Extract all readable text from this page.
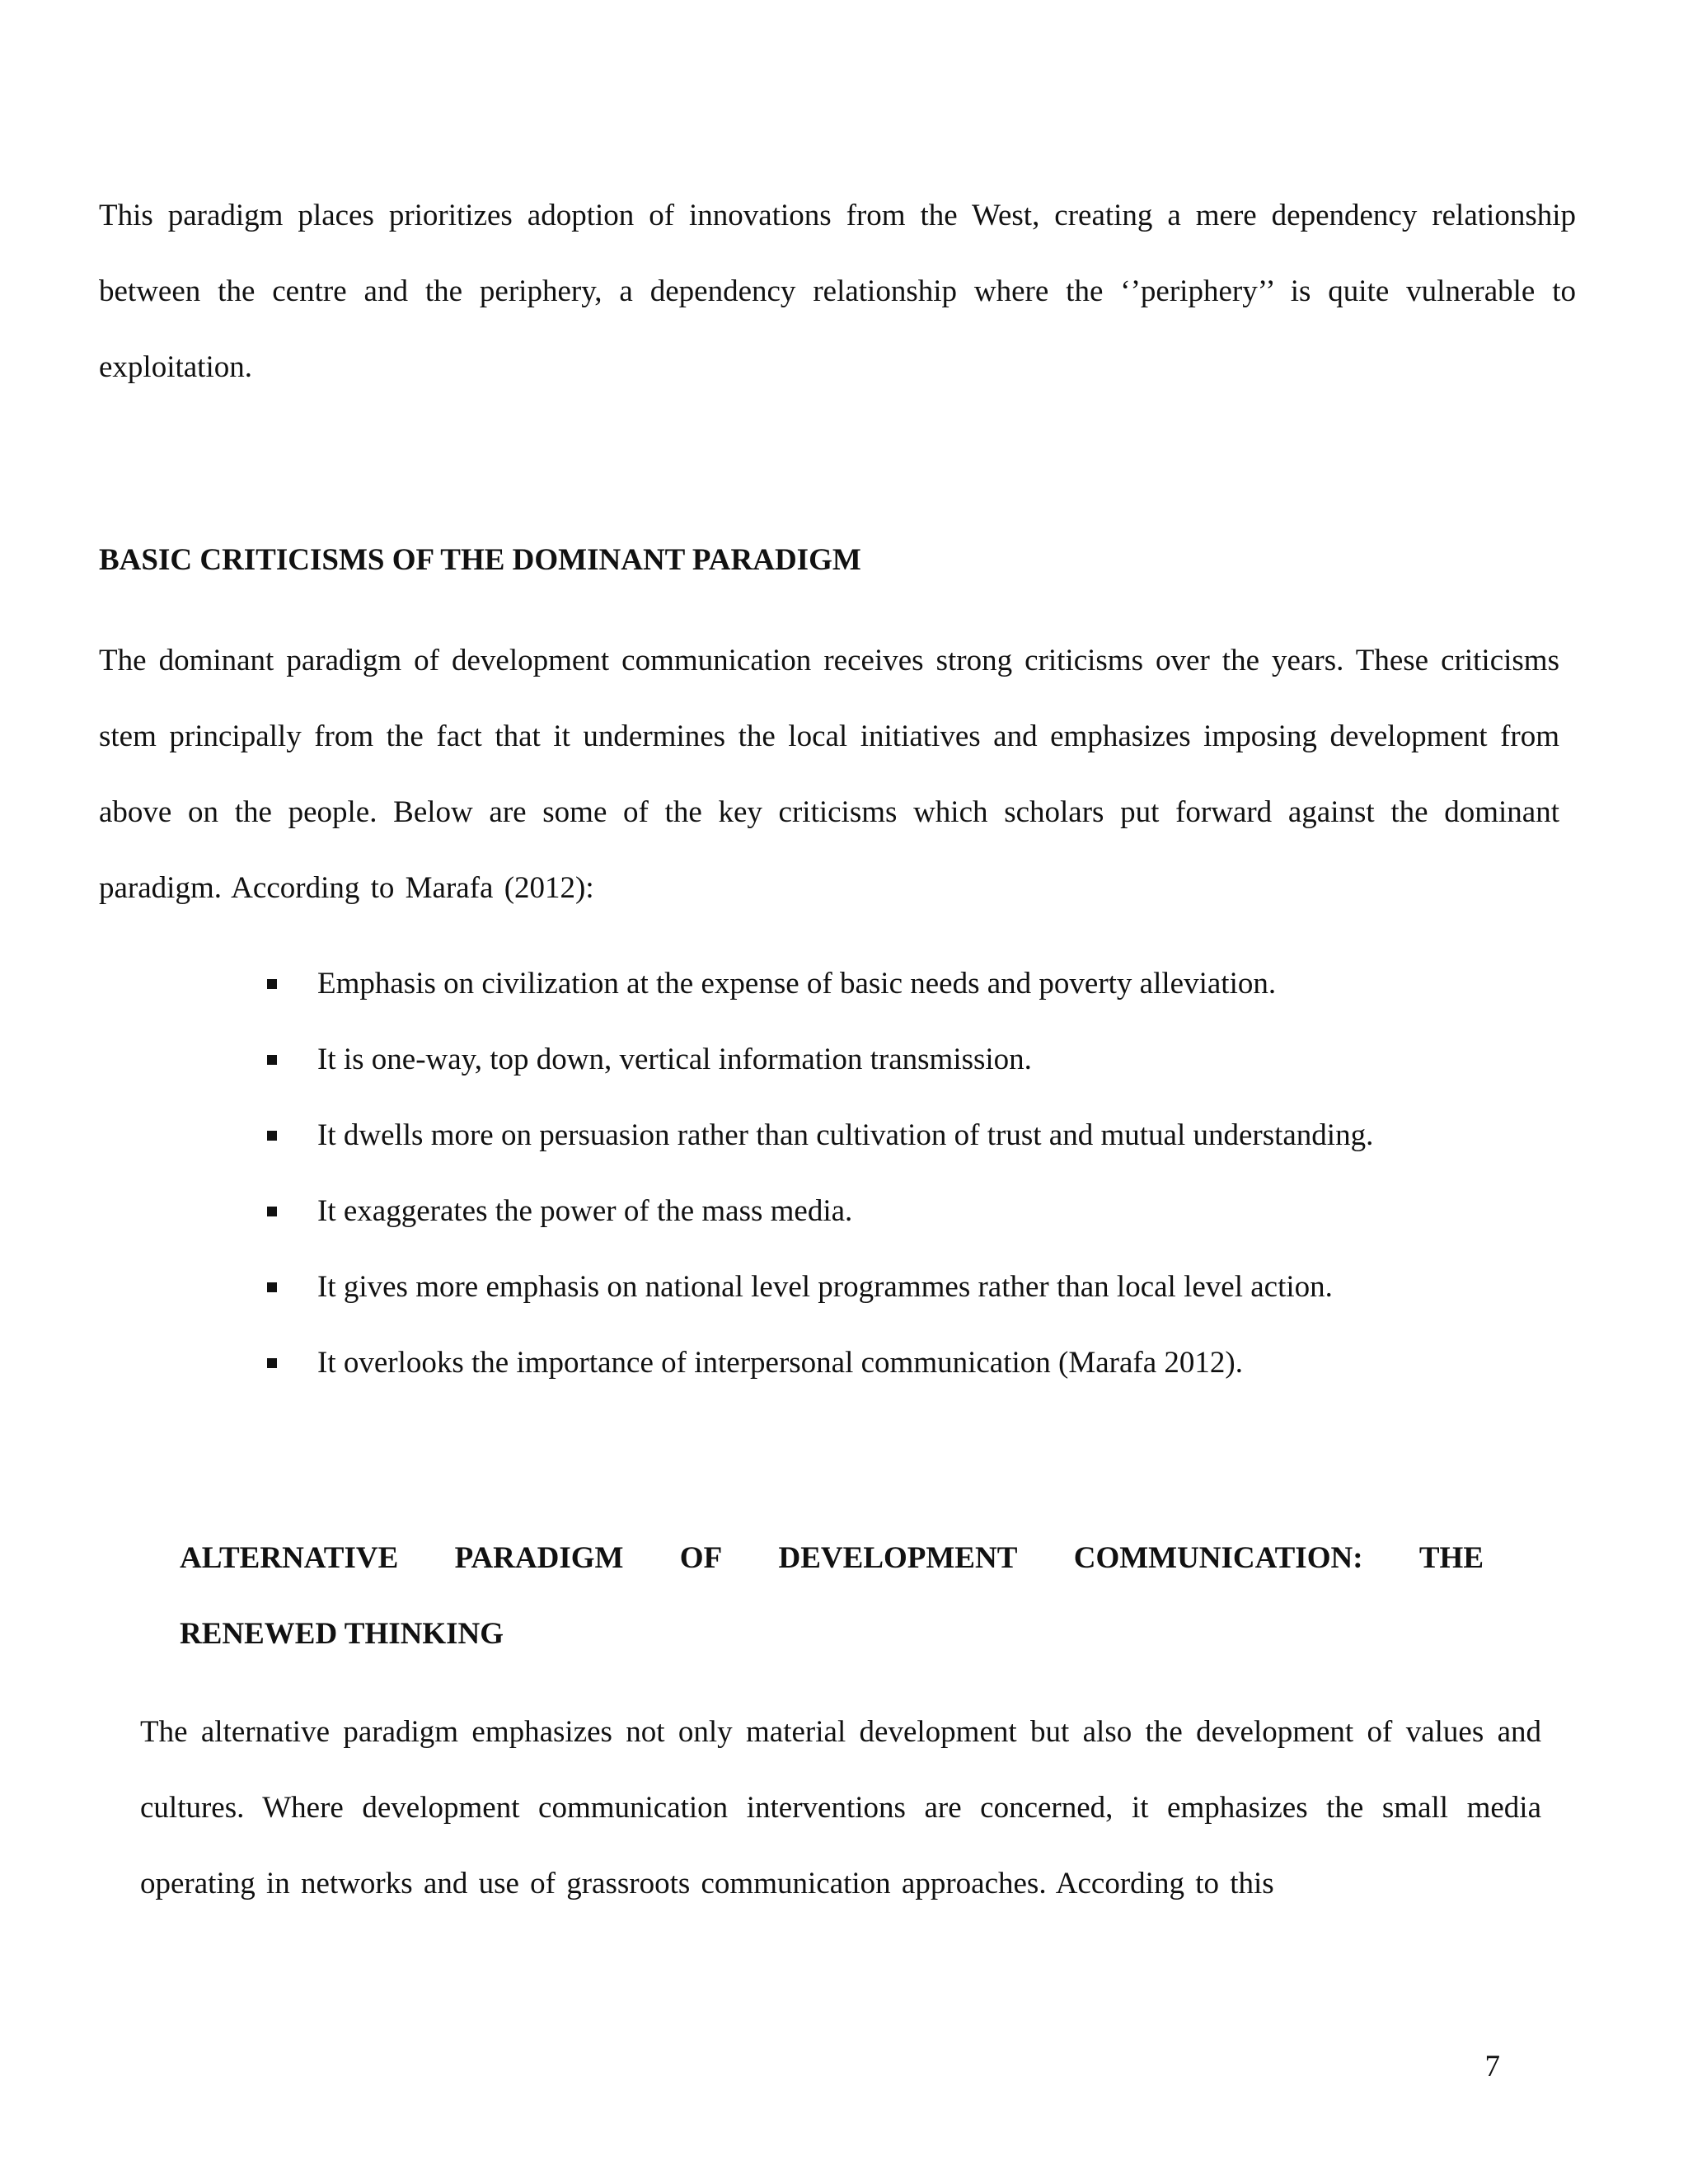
This paradigm places prioritizes adoption of innovations from the West, creating a mere dependency relationship between the centre and the periphery, a dependency relationship where the ‘’periphery’’ is quite vulnerable to exploitation.

BASIC CRITICISMS OF THE DOMINANT PARADIGM

The dominant paradigm of development communication receives strong criticisms over the years. These criticisms stem principally from the fact that it undermines the local initiatives and emphasizes imposing development from above on the people. Below are some of the key criticisms which scholars put forward against the dominant paradigm. According to Marafa (2012):

Emphasis on civilization at the expense of basic needs and poverty alleviation.
It is one-way, top down, vertical information transmission.
It dwells more on persuasion rather than cultivation of trust and mutual understanding.
It exaggerates the power of the mass media.
It gives more emphasis on national level programmes rather than local level action.
It overlooks the importance of interpersonal communication (Marafa 2012).
ALTERNATIVE PARADIGM OF DEVELOPMENT COMMUNICATION: THE
RENEWED THINKING

The alternative paradigm emphasizes not only material development but also the development of values and cultures. Where development communication interventions are concerned, it emphasizes the small media operating in networks and use of grassroots communication approaches. According to this

7
